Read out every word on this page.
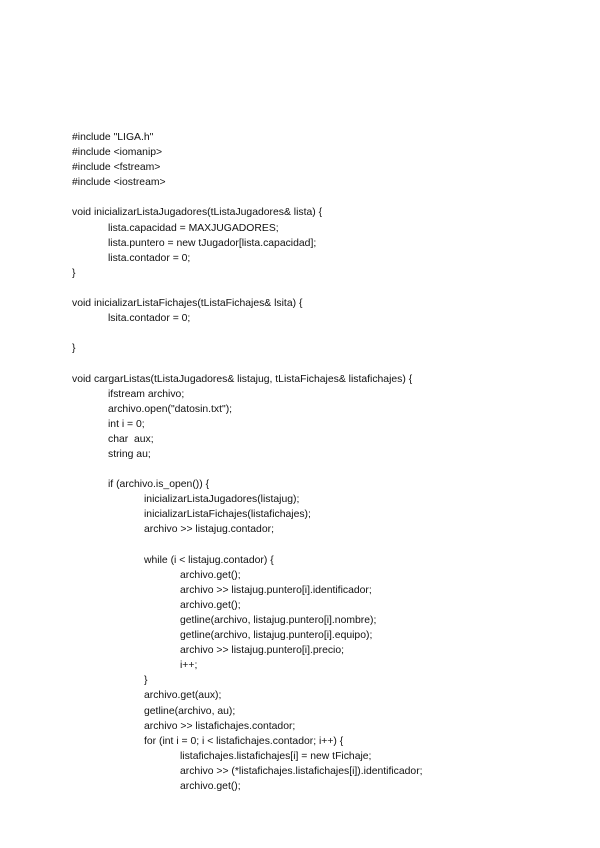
#include "LIGA.h"
#include <iomanip>
#include <fstream>
#include <iostream>
void inicializarListaJugadores(tListaJugadores& lista) {
lista.capacidad = MAXJUGADORES;
lista.puntero = new tJugador[lista.capacidad];
lista.contador = 0;
}
void inicializarListaFichajes(tListaFichajes& lsita) {
lsita.contador = 0;
}
void cargarListas(tListaJugadores& listajug, tListaFichajes& listafichajes) {
ifstream archivo;
archivo.open("datosin.txt");
int i = 0;
char  aux;
string au;
if (archivo.is_open()) {
inicializarListaJugadores(listajug);
inicializarListaFichajes(listafichajes);
archivo >> listajug.contador;
while (i < listajug.contador) {
archivo.get();
archivo >> listajug.puntero[i].identificador;
archivo.get();
getline(archivo, listajug.puntero[i].nombre);
getline(archivo, listajug.puntero[i].equipo);
archivo >> listajug.puntero[i].precio;
i++;
}
archivo.get(aux);
getline(archivo, au);
archivo >> listafichajes.contador;
for (int i = 0; i < listafichajes.contador; i++) {
listafichajes.listafichajes[i] = new tFichaje;
archivo >> (*listafichajes.listafichajes[i]).identificador;
archivo.get();
